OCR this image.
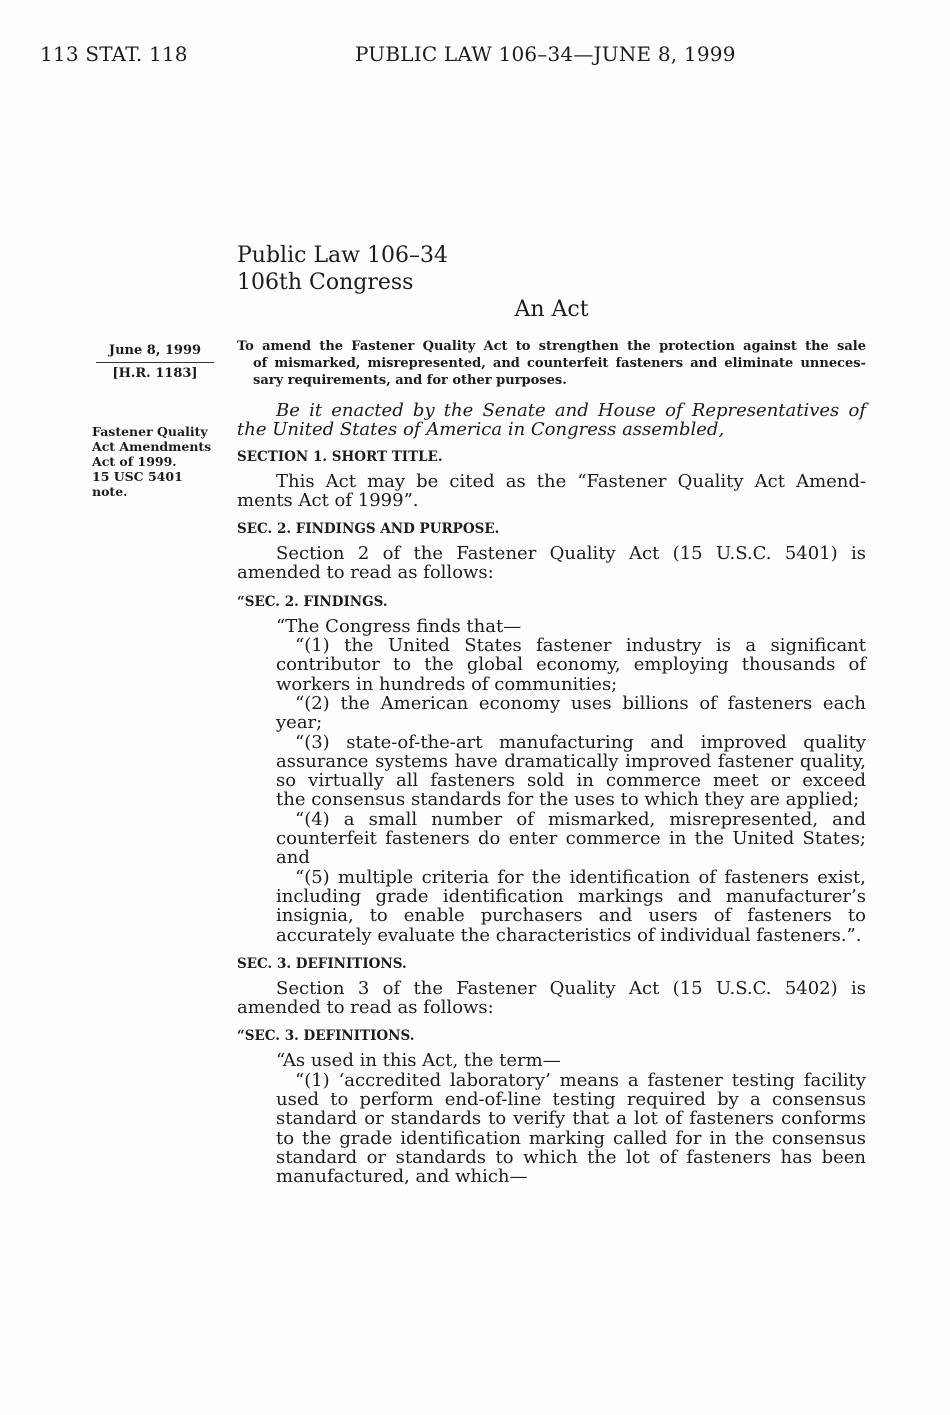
113 STAT. 118	PUBLIC LAW 106–34—JUNE 8, 1999
Public Law 106–34
106th Congress
An Act
June 8, 1999
[H.R. 1183]
To amend the Fastener Quality Act to strengthen the protection against the sale
of mismarked, misrepresented, and counterfeit fasteners and eliminate unneces-
sary requirements, and for other purposes.
Fastener Quality
Act Amendments
Act of 1999.
15 USC 5401
note.
Be it enacted by the Senate and House of Representatives of
the United States of America in Congress assembled,
SECTION 1. SHORT TITLE.
This Act may be cited as the “Fastener Quality Act Amend-
ments Act of 1999”.
SEC. 2. FINDINGS AND PURPOSE.
Section 2 of the Fastener Quality Act (15 U.S.C. 5401) is
amended to read as follows:
“SEC. 2. FINDINGS.
“The Congress finds that—
“(1) the United States fastener industry is a significant
contributor to the global economy, employing thousands of
workers in hundreds of communities;
“(2) the American economy uses billions of fasteners each
year;
“(3) state-of-the-art manufacturing and improved quality
assurance systems have dramatically improved fastener quality,
so virtually all fasteners sold in commerce meet or exceed
the consensus standards for the uses to which they are applied;
“(4) a small number of mismarked, misrepresented, and
counterfeit fasteners do enter commerce in the United States;
and
“(5) multiple criteria for the identification of fasteners exist,
including grade identification markings and manufacturer’s
insignia, to enable purchasers and users of fasteners to
accurately evaluate the characteristics of individual fasteners.”.
SEC. 3. DEFINITIONS.
Section 3 of the Fastener Quality Act (15 U.S.C. 5402) is
amended to read as follows:
“SEC. 3. DEFINITIONS.
“As used in this Act, the term—
“(1) ‘accredited laboratory’ means a fastener testing facility
used to perform end-of-line testing required by a consensus
standard or standards to verify that a lot of fasteners conforms
to the grade identification marking called for in the consensus
standard or standards to which the lot of fasteners has been
manufactured, and which—
